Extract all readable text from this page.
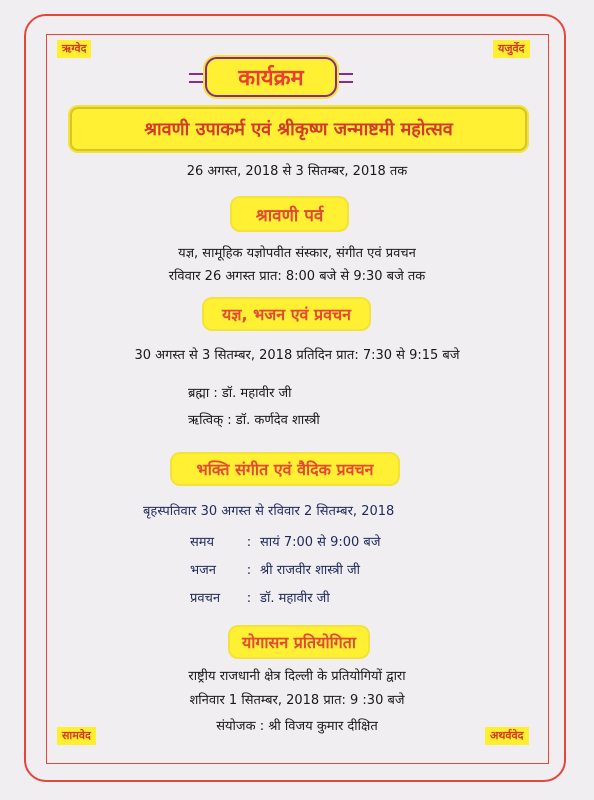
ऋग्वेद	यजुर्वेद
सामवेद	अथर्ववेद
कार्यक्रम
श्रावणी उपाकर्म एवं श्रीकृष्ण जन्माष्टमी महोत्सव
26 अगस्त, 2018 से 3 सितम्बर, 2018 तक
श्रावणी पर्व
यज्ञ, सामूहिक यज्ञोपवीत संस्कार, संगीत एवं प्रवचन
रविवार 26 अगस्त प्रात: 8:00 बजे से 9:30 बजे तक
यज्ञ, भजन एवं प्रवचन
30 अगस्त से 3 सितम्बर, 2018 प्रतिदिन प्रात: 7:30 से 9:15 बजे
ब्रह्मा : डॉ. महावीर जी
ऋत्विक् : डॉ. कर्णदेव शास्त्री
भक्ति संगीत एवं वैदिक प्रवचन
बृहस्पतिवार 30 अगस्त से रविवार 2 सितम्बर, 2018
समय	: सायं 7:00 से 9:00 बजे
भजन : श्री राजवीर शास्त्री जी
प्रवचन : डॉ. महावीर जी
योगासन प्रतियोगिता
राष्ट्रीय राजधानी क्षेत्र दिल्ली के प्रतियोगियों द्वारा
शनिवार 1 सितम्बर, 2018 प्रात: 9 :30 बजे
संयोजक : श्री विजय कुमार दीक्षित
